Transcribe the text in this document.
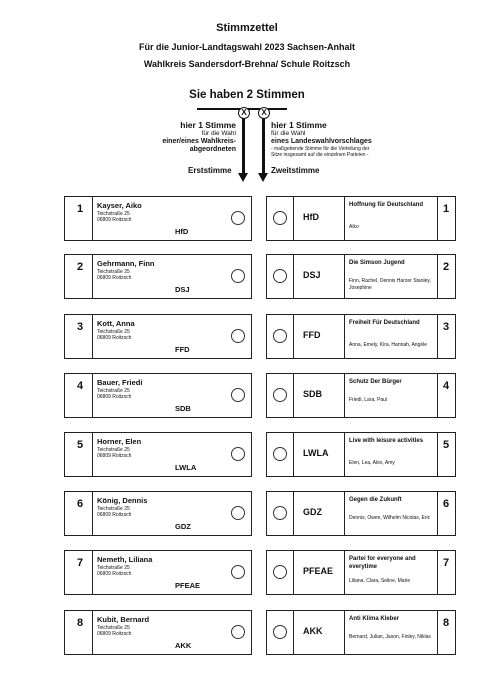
Stimmzettel
Für die Junior-Landtagswahl 2023 Sachsen-Anhalt
Wahlkreis Sandersdorf-Brehna/ Schule Roitzsch
Sie haben 2 Stimmen
X	X
hier 1 Stimme
für die Wahl
einer/eines Wahlkreis-
abgeordneten
Erststimme
hier 1 Stimme
für die Wahl
eines Landeswahlvorschlages
- maßgebende Stimme für die Verteilung der
Sitze insgesamt auf die einzelnen Parteien -
Zweitstimme
1 Kayser, Aiko
Teichstraße 25
06809 Roitzsch
HfD
HfD
Hoffnung für Deutschland
Aiko
1
2 Gehrmann, Finn
Teichstraße 25
06809 Roitzsch
DSJ
DSJ
Die Simson Jugend
Finn, Rachel, Dennis Harzer Stanley, Josephine
2
3 Kott, Anna
Teichstraße 25
06809 Roitzsch
FFD
FFD
Freiheit Für Deutschland
Anna, Emely, Kira, Hannah, Angèle
3
4 Bauer, Friedi
Teichstraße 25
06809 Roitzsch
SDB
SDB
Schutz Der Bürger
Friedi, Lara, Paul
4
5 Horner, Elen
Teichstraße 25
06809 Roitzsch
LWLA
LWLA
Live with leisure activities
Elen, Lea, Alex, Amy
5
6 König, Dennis
Teichstraße 25
06809 Roitzsch
GDZ
GDZ
Gegen die Zukunft
Dennis, Owen, Wilhelm Nicolas, Eric
6
7 Nemeth, Liliana
Teichstraße 25
06809 Roitzsch
PFEAE
PFEAE
Partei for everyone and everytime
Liliana, Clara, Seline, Marie
7
8 Kubit, Bernard
Teichstraße 25
06809 Roitzsch
AKK
AKK
Anti Klima Kleber
Bernard, Julian, Jason, Finley, Niklas
8
